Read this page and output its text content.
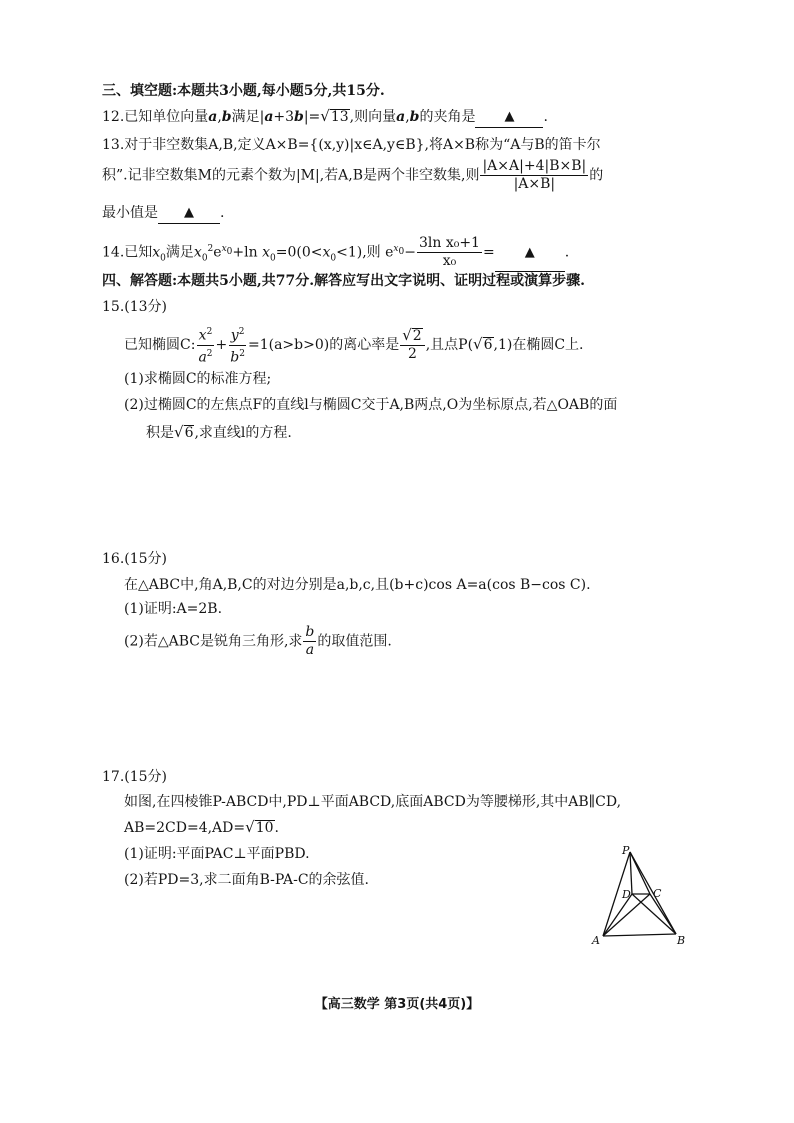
三、填空题:本题共3小题,每小题5分,共15分.
12.已知单位向量a,b满足|a+3b|= √ 13 ,则向量a,b的夹角是 ▲ .
13.对于非空数集A,B,定义A×B={(x,y)|x∈A,y∈B},将A×B称为“A与B的笛卡尔
积”.记非空数集M的元素个数为|M|,若A,B是两个非空数集,则 $\frac{|A\times A|+4|B\times B|}{|A\times B|}$ 的
最小值是 ▲ .
14.已知$x_0$满足$x_0^2e^{x_0}+\ln$ $x_0=0(0<x_0<1)$,则 $e^{x_0}- \frac{\text{3ln x₀+1}}{\text{x₀}}$ = ▲ .
四、解答题:本题共5小题,共77分.解答应写出文字说明、证明过程或演算步骤.
15.(13分)
已知椭圆C: $\frac{x^2}{a^2} + \frac{y^2}{b^2} =1(a>b>0)$的离心率是 $\frac{√ 2}{2}$ ,且点P( √ 6 ,1)在椭圆C上.
(1)求椭圆C的标准方程;
(2)过椭圆C的左焦点F的直线l与椭圆C交于A,B两点,O为坐标原点,若△OAB的面
积是 √ 6 ,求直线l的方程.
16.(15分)
在△ABC中,角A,B,C的对边分别是a,b,c,且(b+c)cos A=a(cos B−cos C).
(1)证明:A=2B.
(2)若△ABC是锐角三角形,求 $\frac{b}{a}$ 的取值范围.
17.(15分)
如图,在四棱锥P-ABCD中,PD⊥平面ABCD,底面ABCD为等腰梯形,其中AB∥CD,
AB=2CD=4,AD= √ 10 .
(1)证明:平面PAC⊥平面PBD.
(2)若PD=3,求二面角B-PA-C的余弦值.
P
D C
A	B
【高三数学 第3页(共4页)】
